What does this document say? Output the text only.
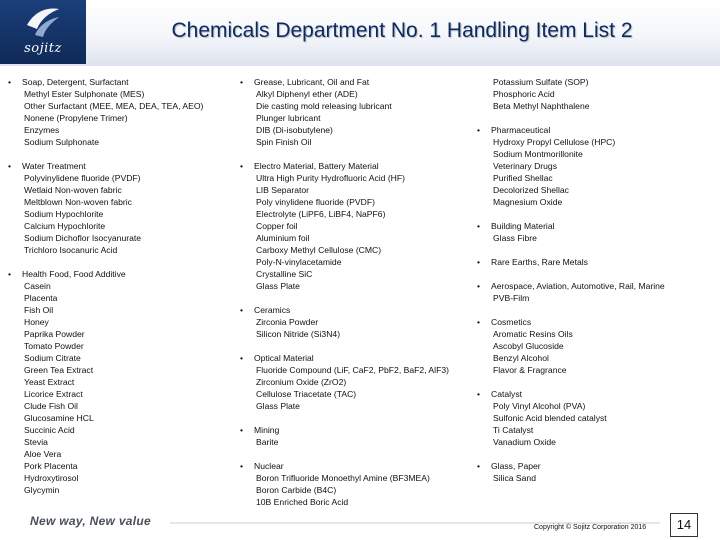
sojitz
Chemicals Department No. 1 Handling Item List 2
•	Soap, Detergent, Surfactant
Methyl Ester Sulphonate (MES)
Other Surfactant (MEE, MEA, DEA, TEA, AEO)
Nonene (Propylene Trimer)
Enzymes
Sodium Sulphonate
•	Water Treatment
Polyvinylidene fluoride (PVDF)
Wetlaid Non-woven fabric
Meltblown Non-woven fabric
Sodium Hypochlorite
Calcium Hypochlorite
Sodium Dichoflor Isocyanurate
Trichloro Isocanuric Acid
•	Health Food, Food Additive
Casein
Placenta
Fish Oil
Honey
Paprika Powder
Tomato Powder
Sodium Citrate
Green Tea Extract
Yeast Extract
Licorice Extract
Clude Fish Oil
Glucosamine HCL
Succinic Acid
Stevia
Aloe Vera
Pork Placenta
Hydroxytirosol
Glycymin
•	Grease, Lubricant, Oil and Fat
Alkyl Diphenyl ether (ADE)
Die casting mold releasing lubricant
Plunger lubricant
DIB (Di-isobutylene)
Spin Finish Oil
•	Electro Material, Battery Material
Ultra High Purity Hydrofluoric Acid (HF)
LIB Separator
Poly vinylidene fluoride (PVDF)
Electrolyte (LiPF6, LiBF4, NaPF6)
Copper foil
Aluminium foil
Carboxy Methyl Cellulose (CMC)
Poly-N-vinylacetamide
Crystalline SiC
Glass Plate
•	Ceramics
Zirconia Powder
Silicon Nitride (Si3N4)
•	Optical Material
Fluoride Compound (LiF, CaF2, PbF2, BaF2, AlF3)
Zirconium Oxide (ZrO2)
Cellulose Triacetate (TAC)
Glass Plate
•	Mining
Barite
•	Nuclear
Boron Trifluoride Monoethyl Amine (BF3MEA)
Boron Carbide (B4C)
10B Enriched Boric Acid
Potassium Sulfate (SOP)
Phosphoric Acid
Beta Methyl Naphthalene
•	Pharmaceutical
Hydroxy Propyl Cellulose (HPC)
Sodium Montmorillonite
Veterinary Drugs
Purified Shellac
Decolorized Shellac
Magnesium Oxide
•	Building Material
Glass Fibre
•	Rare Earths, Rare Metals
•	Aerospace, Aviation, Automotive, Rail, Marine
PVB-Film
•	Cosmetics
Aromatic Resins Oils
Ascobyl Glucoside
Benzyl Alcohol
Flavor & Fragrance
•	Catalyst
Poly Vinyl Alcohol (PVA)
Sulfonic Acid blended catalyst
Ti Catalyst
Vanadium Oxide
•	Glass, Paper
Silica Sand
New way, New value	Copyright © Sojitz Corporation 2016	14
